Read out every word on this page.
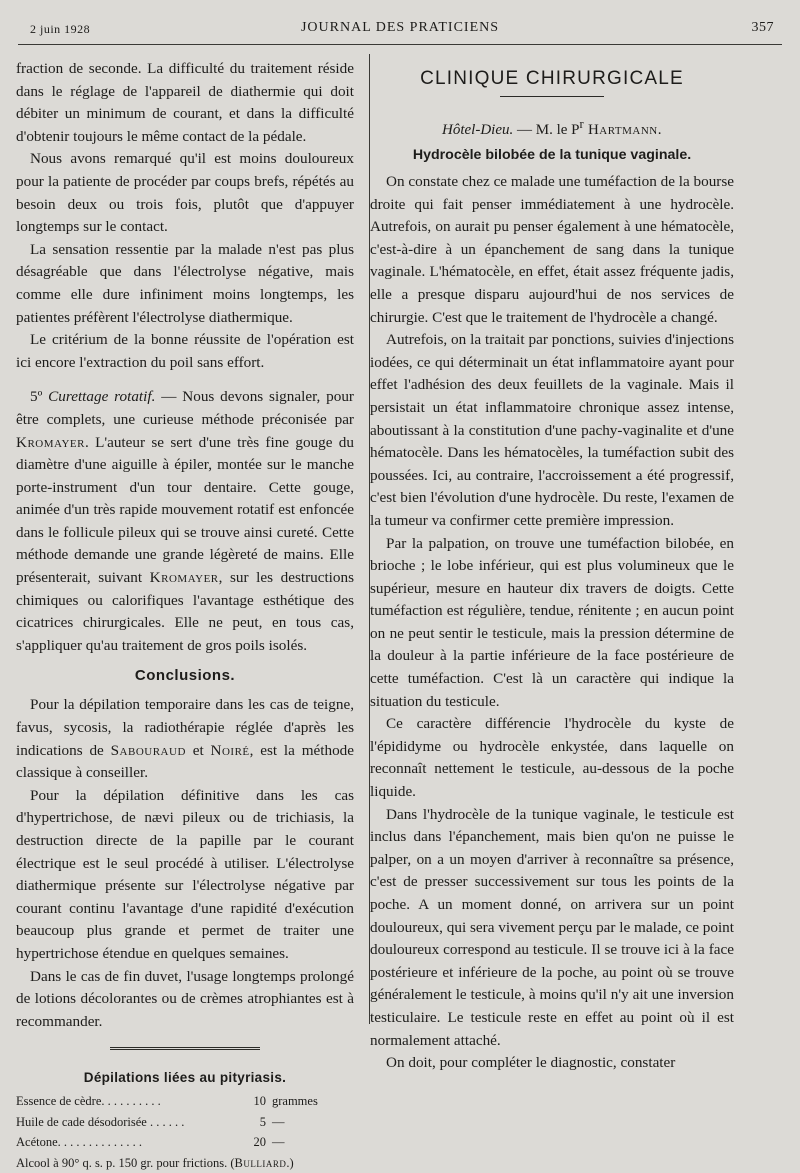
2 juin 1928	JOURNAL DES PRATICIENS	357

fraction de seconde. La difficulté du traitement réside dans le réglage de l'appareil de diathermie qui doit débiter un minimum de courant, et dans la difficulté d'obtenir toujours le même contact de la pédale.

Nous avons remarqué qu'il est moins douloureux pour la patiente de procéder par coups brefs, répétés au besoin deux ou trois fois, plutôt que d'appuyer longtemps sur le contact.

La sensation ressentie par la malade n'est pas plus désagréable que dans l'électrolyse négative, mais comme elle dure infiniment moins longtemps, les patientes préfèrent l'électrolyse diathermique.

Le critérium de la bonne réussite de l'opération est ici encore l'extraction du poil sans effort.

5º Curettage rotatif. — Nous devons signaler, pour être complets, une curieuse méthode préconisée par Kromayer. L'auteur se sert d'une très fine gouge du diamètre d'une aiguille à épiler, montée sur le manche porte-instrument d'un tour dentaire. Cette gouge, animée d'un très rapide mouvement rotatif est enfoncée dans le follicule pileux qui se trouve ainsi cureté. Cette méthode demande une grande légèreté de mains. Elle présenterait, suivant Kromayer, sur les destructions chimiques ou calorifiques l'avantage esthétique des cicatrices chirurgicales. Elle ne peut, en tous cas, s'appliquer qu'au traitement de gros poils isolés.

Conclusions.

Pour la dépilation temporaire dans les cas de teigne, favus, sycosis, la radiothérapie réglée d'après les indications de Sabouraud et Noiré, est la méthode classique à conseiller.

Pour la dépilation définitive dans les cas d'hypertrichose, de nævi pileux ou de trichiasis, la destruction directe de la papille par le courant électrique est le seul procédé à utiliser. L'électrolyse diathermique présente sur l'électrolyse négative par courant continu l'avantage d'une rapidité d'exécution beaucoup plus grande et permet de traiter une hypertrichose étendue en quelques semaines.

Dans le cas de fin duvet, l'usage longtemps prolongé de lotions décolorantes ou de crèmes atrophiantes est à recommander.

Dépilations liées au pityriasis.
Essence de cèdre. . . . . . . . . .	10 grammes
Huile de cade désodorisée . . . . . .	5 —
Acétone. . . . . . . . . . . . . .	20 —
Alcool à 90° q. s. p. 150 gr. pour frictions. (Bulliard.)
CLINIQUE CHIRURGICALE
Hôtel-Dieu. — M. le $P^r$ Hartmann.
Hydrocèle bilobée de la tunique vaginale.

On constate chez ce malade une tuméfaction de la bourse droite qui fait penser immédiatement à une hydrocèle. Autrefois, on aurait pu penser également à une hématocèle, c'est-à-dire à un épanchement de sang dans la tunique vaginale. L'hématocèle, en effet, était assez fréquente jadis, elle a presque disparu aujourd'hui de nos services de chirurgie. C'est que le traitement de l'hydrocèle a changé.

Autrefois, on la traitait par ponctions, suivies d'injections iodées, ce qui déterminait un état inflammatoire ayant pour effet l'adhésion des deux feuillets de la vaginale. Mais il persistait un état inflammatoire chronique assez intense, aboutissant à la constitution d'une pachy-vaginalite et d'une hématocèle. Dans les hématocèles, la tuméfaction subit des poussées. Ici, au contraire, l'accroissement a été progressif, c'est bien l'évolution d'une hydrocèle. Du reste, l'examen de la tumeur va confirmer cette première impression.

Par la palpation, on trouve une tuméfaction bilobée, en brioche ; le lobe inférieur, qui est plus volumineux que le supérieur, mesure en hauteur dix travers de doigts. Cette tuméfaction est régulière, tendue, rénitente ; en aucun point on ne peut sentir le testicule, mais la pression détermine de la douleur à la partie inférieure de la face postérieure de cette tuméfaction. C'est là un caractère qui indique la situation du testicule.

Ce caractère différencie l'hydrocèle du kyste de l'épididyme ou hydrocèle enkystée, dans laquelle on reconnaît nettement le testicule, au-dessous de la poche liquide.

Dans l'hydrocèle de la tunique vaginale, le testicule est inclus dans l'épanchement, mais bien qu'on ne puisse le palper, on a un moyen d'arriver à reconnaître sa présence, c'est de presser successivement sur tous les points de la poche. A un moment donné, on arrivera sur un point douloureux, qui sera vivement perçu par le malade, ce point douloureux correspond au testicule. Il se trouve ici à la face postérieure et inférieure de la poche, au point où se trouve généralement le testicule, à moins qu'il n'y ait une inversion testiculaire. Le testicule reste en effet au point où il est normalement attaché.

On doit, pour compléter le diagnostic, constater
